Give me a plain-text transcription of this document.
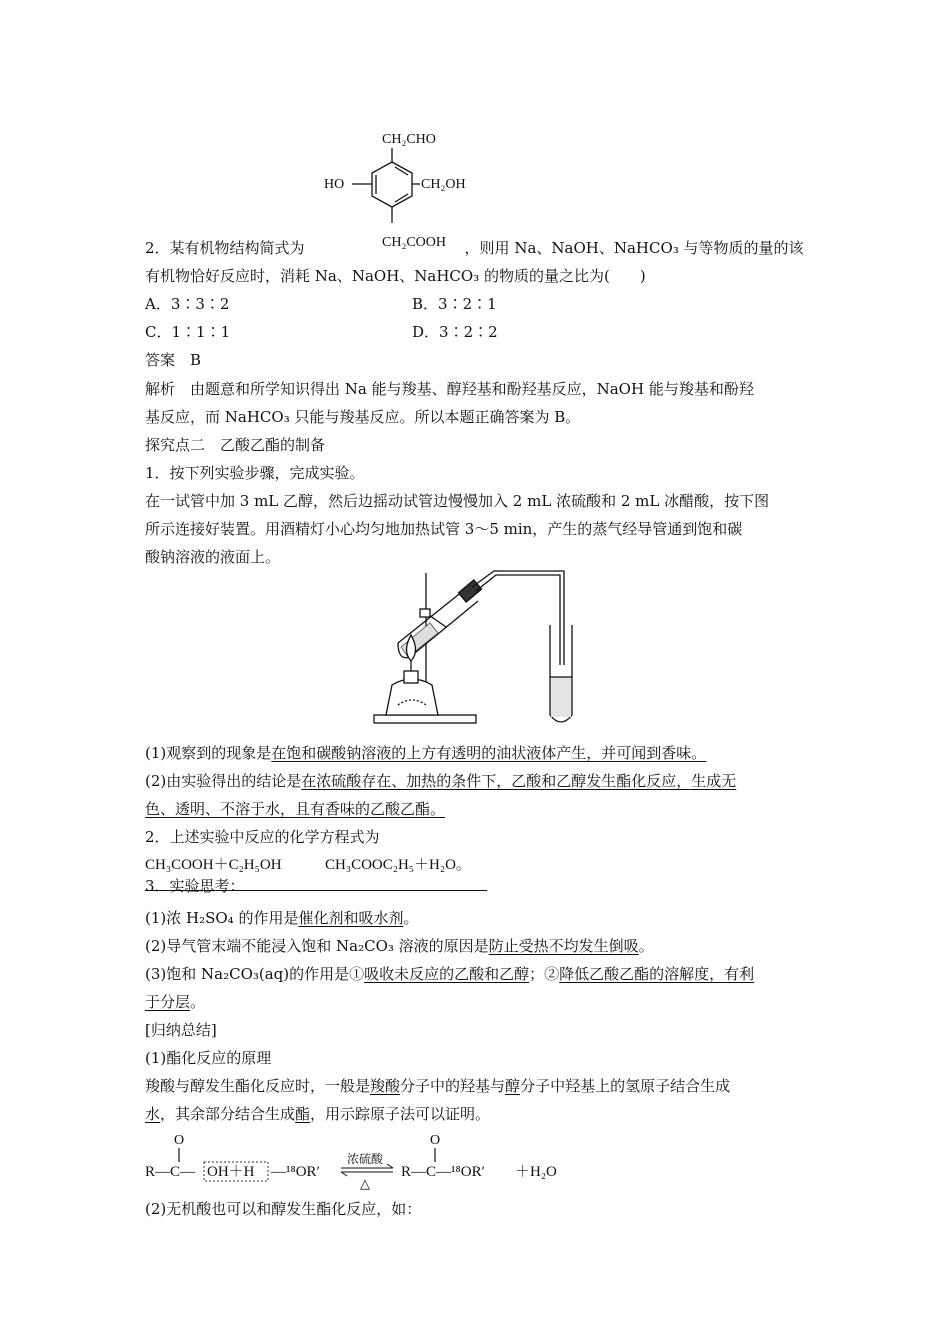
CH₂CHO
HO	CH₂OH
CH₂COOH
2．某有机物结构简式为	，则用 Na、NaOH、NaHCO₃ 与等物质的量的该
有机物恰好反应时，消耗 Na、NaOH、NaHCO₃ 的物质的量之比为(　　)
A．3∶3∶2	B．3∶2∶1
C．1∶1∶1	D．3∶2∶2
答案　B
解析　由题意和所学知识得出 Na 能与羧基、醇羟基和酚羟基反应，NaOH 能与羧基和酚羟
基反应，而 NaHCO₃ 只能与羧基反应。所以本题正确答案为 B。
探究点二　乙酸乙酯的制备
1．按下列实验步骤，完成实验。
在一试管中加 3 mL 乙醇，然后边摇动试管边慢慢加入 2 mL 浓硫酸和 2 mL 冰醋酸，按下图
所示连接好装置。用酒精灯小心均匀地加热试管 3～5 min，产生的蒸气经导管通到饱和碳
酸钠溶液的液面上。
(1)观察到的现象是在饱和碳酸钠溶液的上方有透明的油状液体产生，并可闻到香味。
(2)由实验得出的结论是在浓硫酸存在、加热的条件下，乙酸和乙醇发生酯化反应，生成无
色、透明、不溶于水，且有香味的乙酸乙酯。
2．上述实验中反应的化学方程式为
CH₃COOH＋C₂H₅OH	CH₃COOC₂H₅＋H₂O。
3．实验思考：
(1)浓 H₂SO₄ 的作用是催化剂和吸水剂。
(2)导气管末端不能浸入饱和 Na₂CO₃ 溶液的原因是防止受热不均发生倒吸。
(3)饱和 Na₂CO₃(aq)的作用是①吸收未反应的乙酸和乙醇；②降低乙酸乙酯的溶解度，有利
于分层。
[归纳总结]
(1)酯化反应的原理
羧酸与醇发生酯化反应时，一般是羧酸分子中的羟基与醇分子中羟基上的氢原子结合生成
水，其余部分结合生成酯，用示踪原子法可以证明。
O
R—C— OH＋H —¹⁸OR′
浓硫酸
△
O
R—C—¹⁸OR′ ＋H₂O
(2)无机酸也可以和醇发生酯化反应，如：
